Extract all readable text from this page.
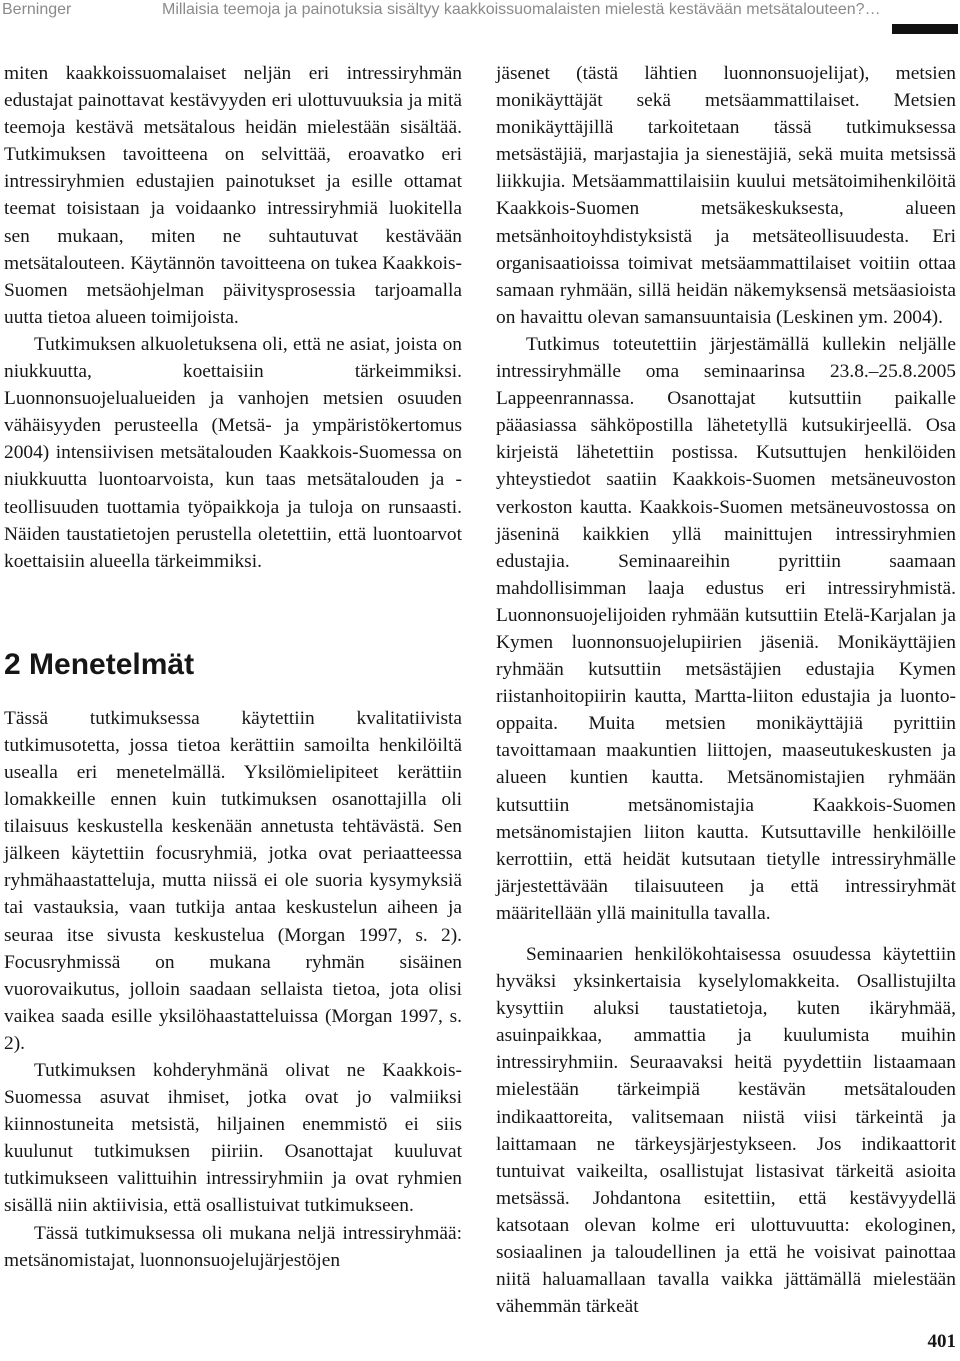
Berninger	Millaisia teemoja ja painotuksia sisältyy kaakkoissuomalaisten mielestä kestävään metsätalouteen?…

miten kaakkoissuomalaiset neljän eri intressiryhmän edustajat painottavat kestävyyden eri ulottuvuuksia ja mitä teemoja kestävä metsätalous heidän mielestään sisältää. Tutkimuksen tavoitteena on selvittää, eroavatko eri intressiryhmien edustajien painotukset ja esille ottamat teemat toisistaan ja voidaanko intressiryhmiä luokitella sen mukaan, miten ne suhtautuvat kestävään metsätalouteen. Käytännön tavoitteena on tukea Kaakkois-Suomen metsäohjelman päivitysprosessia tarjoamalla uutta tietoa alueen toimijoista.

Tutkimuksen alkuoletuksena oli, että ne asiat, joista on niukkuutta, koettaisiin tärkeimmiksi. Luonnonsuojelualueiden ja vanhojen metsien osuuden vähäisyyden perusteella (Metsä- ja ympäristökertomus 2004) intensiivisen metsätalouden Kaakkois-Suomessa on niukkuutta luontoarvoista, kun taas metsätalouden ja -teollisuuden tuottamia työpaikkoja ja tuloja on runsaasti. Näiden taustatietojen perustella oletettiin, että luontoarvot koettaisiin alueella tärkeimmiksi.

2 Menetelmät

Tässä tutkimuksessa käytettiin kvalitatiivista tutkimusotetta, jossa tietoa kerättiin samoilta henkilöiltä usealla eri menetelmällä. Yksilömielipiteet kerättiin lomakkeille ennen kuin tutkimuksen osanottajilla oli tilaisuus keskustella keskenään annetusta tehtävästä. Sen jälkeen käytettiin focusryhmiä, jotka ovat periaatteessa ryhmähaastatteluja, mutta niissä ei ole suoria kysymyksiä tai vastauksia, vaan tutkija antaa keskustelun aiheen ja seuraa itse sivusta keskustelua (Morgan 1997, s. 2). Focusryhmissä on mukana ryhmän sisäinen vuorovaikutus, jolloin saadaan sellaista tietoa, jota olisi vaikea saada esille yksilöhaastatteluissa (Morgan 1997, s. 2).

Tutkimuksen kohderyhmänä olivat ne Kaakkois-Suomessa asuvat ihmiset, jotka ovat jo valmiiksi kiinnostuneita metsistä, hiljainen enemmistö ei siis kuulunut tutkimuksen piiriin. Osanottajat kuuluvat tutkimukseen valittuihin intressiryhmiin ja ovat ryhmien sisällä niin aktiivisia, että osallistuivat tutkimukseen.

Tässä tutkimuksessa oli mukana neljä intressiryhmää: metsänomistajat, luonnonsuojelujärjestöjen

jäsenet (tästä lähtien luonnonsuojelijat), metsien monikäyttäjät sekä metsäammattilaiset. Metsien monikäyttäjillä tarkoitetaan tässä tutkimuksessa metsästäjiä, marjastajia ja sienestäjiä, sekä muita metsissä liikkujia. Metsäammattilaisiin kuului metsätoimihenkilöitä Kaakkois-Suomen metsäkeskuksesta, alueen metsänhoitoyhdistyksistä ja metsäteollisuudesta. Eri organisaatioissa toimivat metsäammattilaiset voitiin ottaa samaan ryhmään, sillä heidän näkemyksensä metsäasioista on havaittu olevan samansuuntaisia (Leskinen ym. 2004).

Tutkimus toteutettiin järjestämällä kullekin neljälle intressiryhmälle oma seminaarinsa 23.8.–25.8.2005 Lappeenrannassa. Osanottajat kutsuttiin paikalle pääasiassa sähköpostilla lähetetyllä kutsukirjeellä. Osa kirjeistä lähetettiin postissa. Kutsuttujen henkilöiden yhteystiedot saatiin Kaakkois-Suomen metsäneuvoston verkoston kautta. Kaakkois-Suomen metsäneuvostossa on jäseninä kaikkien yllä mainittujen intressiryhmien edustajia. Seminaareihin pyrittiin saamaan mahdollisimman laaja edustus eri intressiryhmistä. Luonnonsuojelijoiden ryhmään kutsuttiin Etelä-Karjalan ja Kymen luonnonsuojelupiirien jäseniä. Monikäyttäjien ryhmään kutsuttiin metsästäjien edustajia Kymen riistanhoitopiirin kautta, Martta-liiton edustajia ja luonto-oppaita. Muita metsien monikäyttäjiä pyrittiin tavoittamaan maakuntien liittojen, maaseutukeskusten ja alueen kuntien kautta. Metsänomistajien ryhmään kutsuttiin metsänomistajia Kaakkois-Suomen metsänomistajien liiton kautta. Kutsuttaville henkilöille kerrottiin, että heidät kutsutaan tietylle intressiryhmälle järjestettävään tilaisuuteen ja että intressiryhmät määritellään yllä mainitulla tavalla.

Seminaarien henkilökohtaisessa osuudessa käytettiin hyväksi yksinkertaisia kyselylomakkeita. Osallistujilta kysyttiin aluksi taustatietoja, kuten ikäryhmää, asuinpaikkaa, ammattia ja kuulumista muihin intressiryhmiin. Seuraavaksi heitä pyydettiin listaamaan mielestään tärkeimpiä kestävän metsätalouden indikaattoreita, valitsemaan niistä viisi tärkeintä ja laittamaan ne tärkeysjärjestykseen. Jos indikaattorit tuntuivat vaikeilta, osallistujat listasivat tärkeitä asioita metsässä. Johdantona esitettiin, että kestävyydellä katsotaan olevan kolme eri ulottuvuutta: ekologinen, sosiaalinen ja taloudellinen ja että he voisivat painottaa niitä haluamallaan tavalla vaikka jättämällä mielestään vähemmän tärkeät

401
